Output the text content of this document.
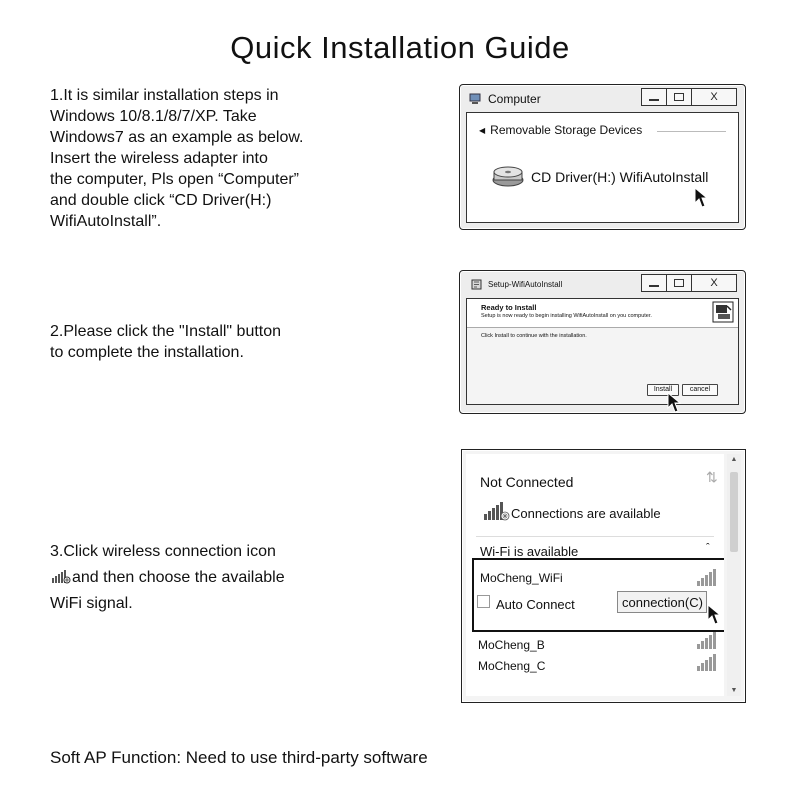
Quick Installation Guide
1.It is similar installation steps in
Windows 10/8.1/8/7/XP. Take
Windows7 as an example as below.
Insert the wireless adapter into
the computer, Pls open “Computer”
and double click “CD Driver(H:)
WifiAutoInstall”.
2.Please click the "Install" button
to complete the installation.
3.Click wireless connection icon
and then choose the available
WiFi signal.
Computer	X
◀ Removable Storage Devices
CD Driver(H:) WifiAutoInstall
Setup-WifiAutoInstall	X
Ready to Install
Setup is now ready to begin installing WifiAutoInstall on you computer.
Click Install to continue with the installation.
Install	cancel
Not Connected	⇅
Connections are available
Wi-Fi is available	ˆ
MoCheng_WiFi
Auto Connect
MoCheng_B
MoCheng_C
▲
▼
connection(C)
Soft AP Function: Need to use third-party software
